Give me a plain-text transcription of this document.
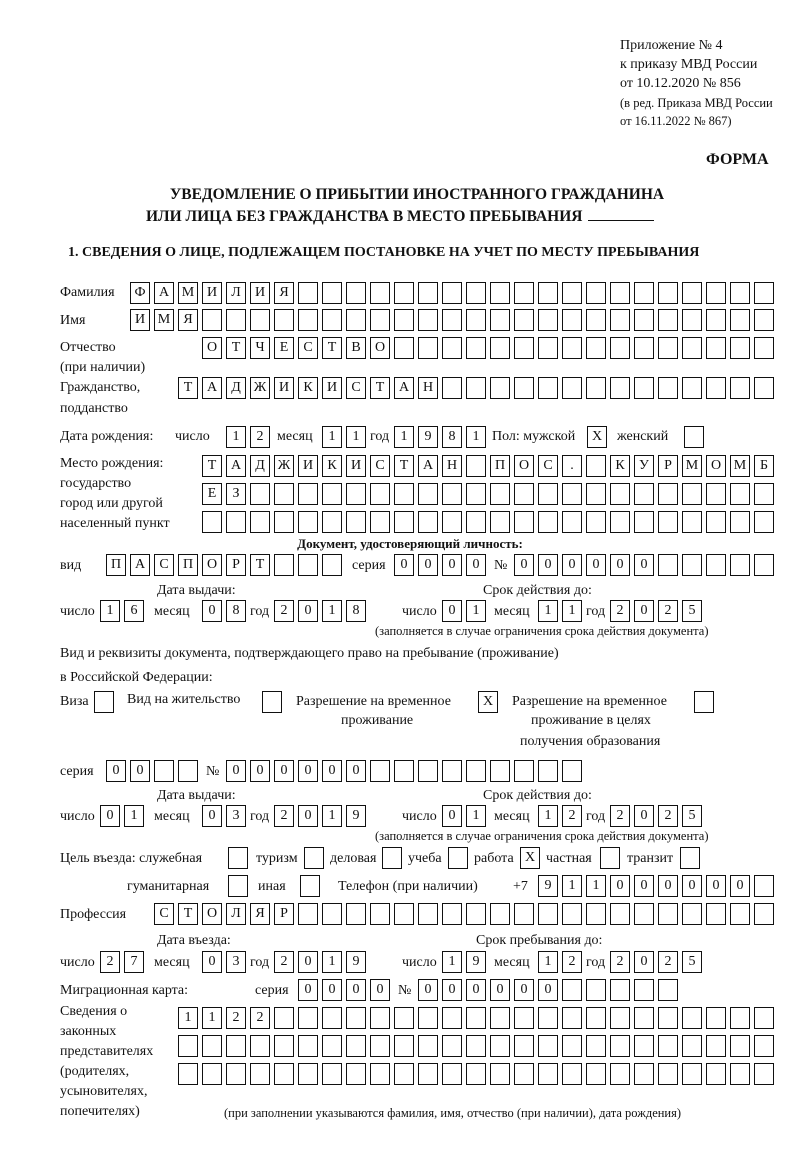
Приложение № 4
к приказу МВД России
от 10.12.2020 № 856
(в ред. Приказа МВД России
от 16.11.2022 № 867)
ФОРМА
УВЕДОМЛЕНИЕ О ПРИБЫТИИ ИНОСТРАННОГО ГРАЖДАНИНА
ИЛИ ЛИЦА БЕЗ ГРАЖДАНСТВА В МЕСТО ПРЕБЫВАНИЯ
1. СВЕДЕНИЯ О ЛИЦЕ, ПОДЛЕЖАЩЕМ ПОСТАНОВКЕ НА УЧЕТ ПО МЕСТУ ПРЕБЫВАНИЯ
Фамилия	Ф А М И	Л	И	Я
Имя	И М Я
Отчество
(при наличии)
О	Т	Ч	Е	С	Т	В	О
Гражданство,
подданство
Т	А	Д Ж И	К	И	С	Т	А Н
Дата рождения: число	1	2 месяц	1	1 год 1	9	8	1 Пол: мужской	X	женский
Место рождения:
государство
город или другой
населенный пункт
Т	А	Д Ж И	К	И	С	Т	А Н	П О	С	.	К	У	Р М О М Б
Е	З
Документ, удостоверяющий личность:
вид	П А	С	П О	Р	Т	серия	0	0	0	0	№ 0	0	0	0	0	0
Дата выдачи:	Срок действия до:
число 1	6	месяц	0	8 год 2	0	1	8	число 0	1	месяц	1	1 год 2	0	2	5
(заполняется в случае ограничения срока действия документа)
Вид и реквизиты документа, подтверждающего право на пребывание (проживание)
в Российской Федерации:
Виза	Вид на жительство	Разрешение на временное
проживание
X	Разрешение на временное
проживание в целях
получения образования
серия	0	0	№ 0	0	0	0	0	0
Дата выдачи:	Срок действия до:
число 0	1	месяц	0	3 год 2	0	1	9	число 0	1	месяц	1	2 год 2	0	2	5
(заполняется в случае ограничения срока действия документа)
Цель въезда: служебная	туризм деловая учеба работа X частная	транзит
гуманитарная	иная	Телефон (при наличии)	+7	9	1	1	0	0	0	0	0	0
Профессия	С	Т	О	Л	Я	Р
Дата въезда:	Срок пребывания до:
число 2	7	месяц	0	3 год 2	0	1	9	число 1	9	месяц	1	2 год 2	0	2	5
Миграционная карта:	серия	0	0	0	0	№ 0	0	0	0	0	0
Сведения о
законных
представителях
(родителях,
усыновителях,
попечителях)
1	1	2	2
(при заполнении указываются фамилия, имя, отчество (при наличии), дата рождения)
